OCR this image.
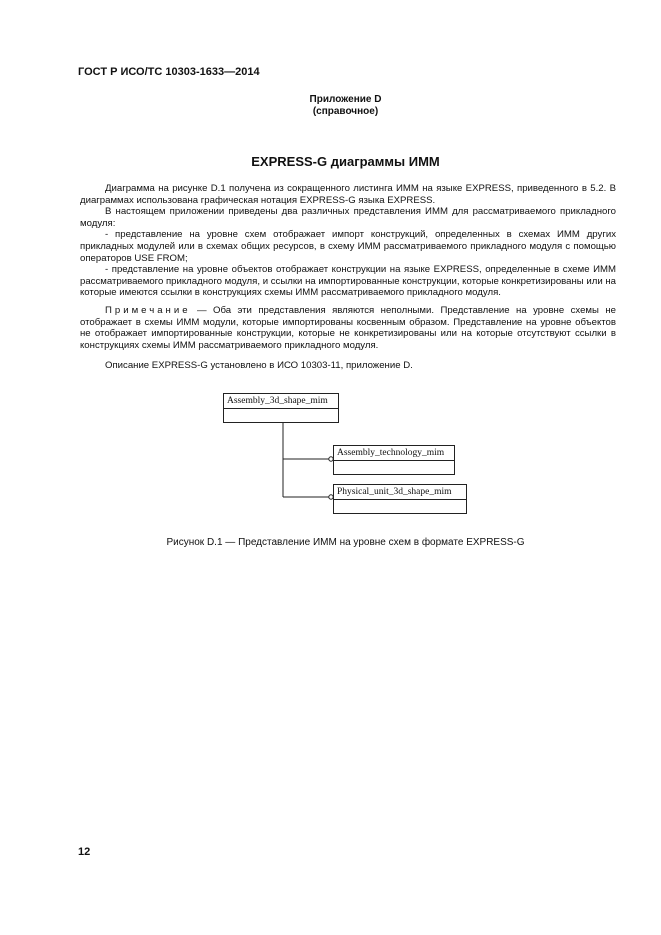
ГОСТ Р ИСО/ТС 10303-1633—2014
Приложение D
(справочное)
EXPRESS-G диаграммы ИММ

Диаграмма на рисунке D.1 получена из сокращенного листинга ИММ на языке EXPRESS, приведенного в 5.2. В диаграммах использована графическая нотация EXPRESS-G языка EXPRESS.

В настоящем приложении приведены два различных представления ИММ для рассматриваемого прикладного модуля:

- представление на уровне схем отображает импорт конструкций, определенных в схемах ИММ других прикладных модулей или в схемах общих ресурсов, в схему ИММ рассматриваемого прикладного модуля с помощью операторов USE FROM;

- представление на уровне объектов отображает конструкции на языке EXPRESS, определенные в схеме ИММ рассматриваемого прикладного модуля, и ссылки на импортированные конструкции, которые конкретизированы или на которые имеются ссылки в конструкциях схемы ИММ рассматриваемого прикладного модуля.

Примечание — Оба эти представления являются неполными. Представление на уровне схемы не отображает в схемы ИММ модули, которые импортированы косвенным образом. Представление на уровне объектов не отображает импортированные конструкции, которые не конкретизированы или на которые отсутствуют ссылки в конструкциях схемы ИММ рассматриваемого прикладного модуля.

Описание EXPRESS-G установлено в ИСО 10303-11, приложение D.

Assembly_3d_shape_mim
Assembly_technology_mim
Physical_unit_3d_shape_mim
Рисунок D.1 — Представление ИММ на уровне схем в формате EXPRESS-G
12
